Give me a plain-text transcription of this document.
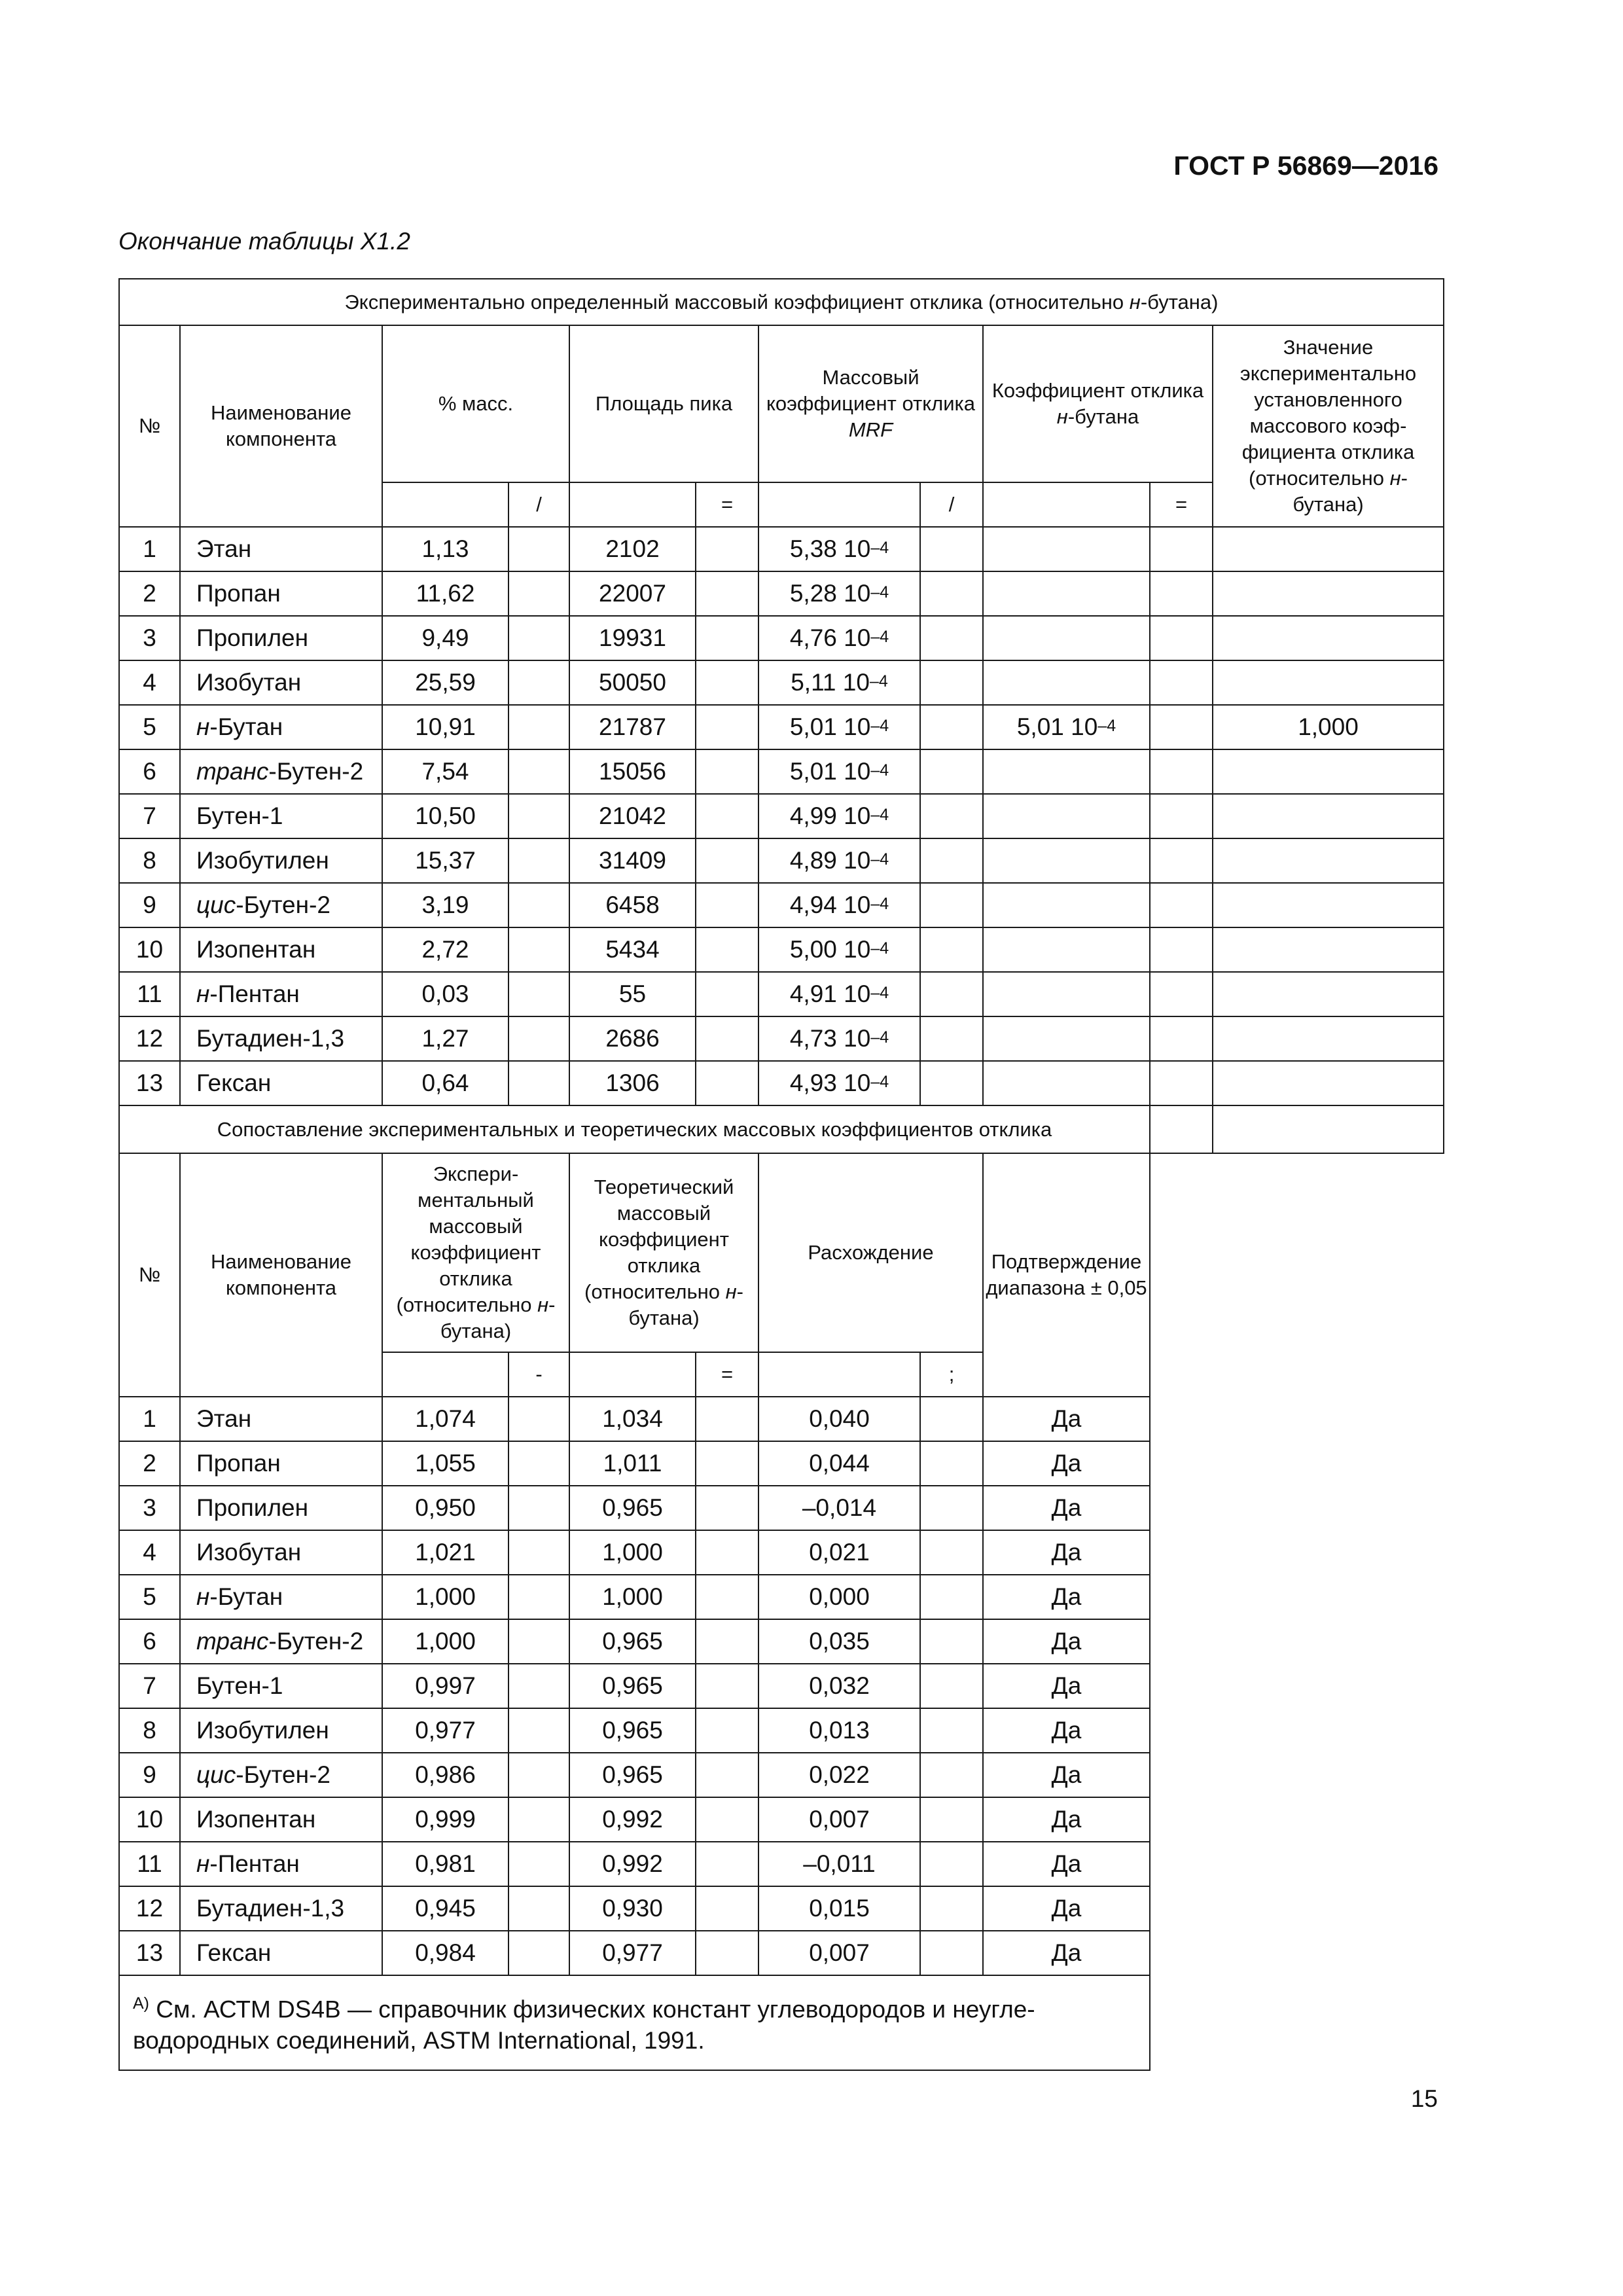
ГОСТ Р 56869—2016
Окончание таблицы X1.2
Экспериментально определенный массовый коэффициент отклика (относительно н-бутана)										
№	Наименование компонента	% масс.		Площадь пика		Массовый коэффициент отклика MRF		Коэффициент отклика н-бутана		Значение экспериментально установленного массового коэффициента отклика (относительно н-бутана)
			/		=		/		=	
1	Этан	1,13		2102		5,38 $10^{-4}$				
2	Пропан	11,62		22007		5,28 $10^{-4}$				
3	Пропилен	9,49		19931		4,76 $10^{-4}$				
4	Изобутан	25,59		50050		5,11 $10^{-4}$				
5	н-Бутан	10,91		21787		5,01 $10^{-4}$		5,01 $10^{-4}$		1,000
6	транс-Бутен-2	7,54		15056		5,01 $10^{-4}$				
7	Бутен-1	10,50		21042		4,99 $10^{-4}$				
8	Изобутилен	15,37		31409		4,89 $10^{-4}$				
9	цис-Бутен-2	3,19		6458		4,94 $10^{-4}$				
10	Изопентан	2,72		5434		5,00 $10^{-4}$				
11	н-Пентан	0,03		55		4,91 $10^{-4}$				
12	Бутадиен-1,3	1,27		2686		4,73 $10^{-4}$				
13	Гексан	0,64		1306		4,93 $10^{-4}$				
Сопоставление экспериментальных и теоретических массовых коэффициентов отклика										
№	Наименование компонента	Экспериментальный массовый коэффициент отклика (относительно н-бутана)		Теоретический массовый коэффициент отклика (относительно н-бутана)		Расхождение		Подтверждение диапазона ± 0,05		
			-		=		;			
1	Этан	1,074		1,034		0,040		Да		
2	Пропан	1,055		1,011		0,044		Да		
3	Пропилен	0,950		0,965		–0,014		Да		
4	Изобутан	1,021		1,000		0,021		Да		
5	н-Бутан	1,000		1,000		0,000		Да		
6	транс-Бутен-2	1,000		0,965		0,035		Да		
7	Бутен-1	0,997		0,965		0,032		Да		
8	Изобутилен	0,977		0,965		0,013		Да		
9	цис-Бутен-2	0,986		0,965		0,022		Да		
10	Изопентан	0,999		0,992		0,007		Да		
11	н-Пентан	0,981		0,992		–0,011		Да		
12	Бутадиен-1,3	0,945		0,930		0,015		Да		
13	Гексан	0,984		0,977		0,007		Да		
$^{А)}$ См. АСТМ DS4B — справочник физических констант углеводородов и неуглеводородных соединений, ASTM International, 1991.										
15
